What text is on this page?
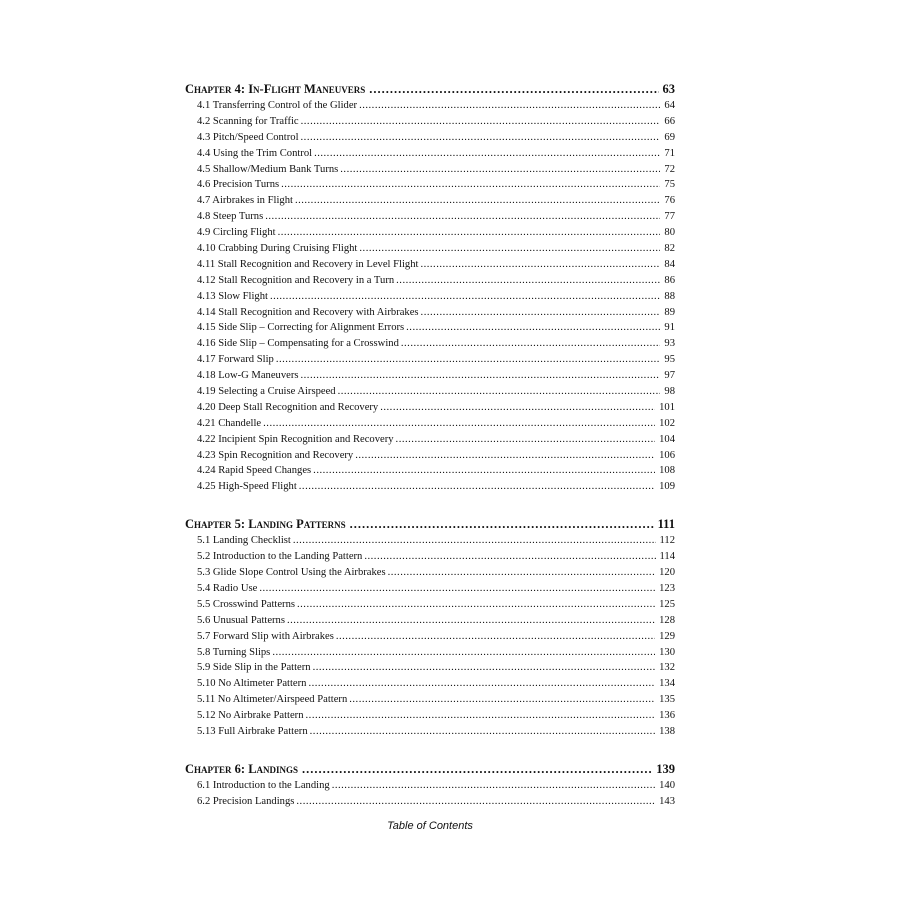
Chapter 4: In-Flight Maneuvers .....	63
4.1 Transferring Control of the Glider .....	64
4.2 Scanning for Traffic .....	66
4.3 Pitch/Speed Control .....	69
4.4 Using the Trim Control .....	71
4.5 Shallow/Medium Bank Turns .....	72
4.6 Precision Turns .....	75
4.7 Airbrakes in Flight .....	76
4.8 Steep Turns .....	77
4.9 Circling Flight .....	80
4.10 Crabbing During Cruising Flight .....	82
4.11 Stall Recognition and Recovery in Level Flight .....	84
4.12 Stall Recognition and Recovery in a Turn .....	86
4.13 Slow Flight .....	88
4.14 Stall Recognition and Recovery with Airbrakes .....	89
4.15 Side Slip – Correcting for Alignment Errors .....	91
4.16 Side Slip – Compensating for a Crosswind .....	93
4.17 Forward Slip .....	95
4.18 Low-G Maneuvers .....	97
4.19 Selecting a Cruise Airspeed .....	98
4.20 Deep Stall Recognition and Recovery .....	101
4.21 Chandelle .....	102
4.22 Incipient Spin Recognition and Recovery .....	104
4.23 Spin Recognition and Recovery .....	106
4.24 Rapid Speed Changes .....	108
4.25 High-Speed Flight .....	109
Chapter 5: Landing Patterns .....	111
5.1 Landing Checklist .....	112
5.2 Introduction to the Landing Pattern .....	114
5.3 Glide Slope Control Using the Airbrakes .....	120
5.4 Radio Use .....	123
5.5 Crosswind Patterns .....	125
5.6 Unusual Patterns .....	128
5.7 Forward Slip with Airbrakes .....	129
5.8 Turning Slips .....	130
5.9 Side Slip in the Pattern .....	132
5.10 No Altimeter Pattern .....	134
5.11 No Altimeter/Airspeed Pattern .....	135
5.12 No Airbrake Pattern .....	136
5.13 Full Airbrake Pattern .....	138
Chapter 6: Landings .....	139
6.1 Introduction to the Landing .....	140
6.2 Precision Landings .....	143
Table of Contents
